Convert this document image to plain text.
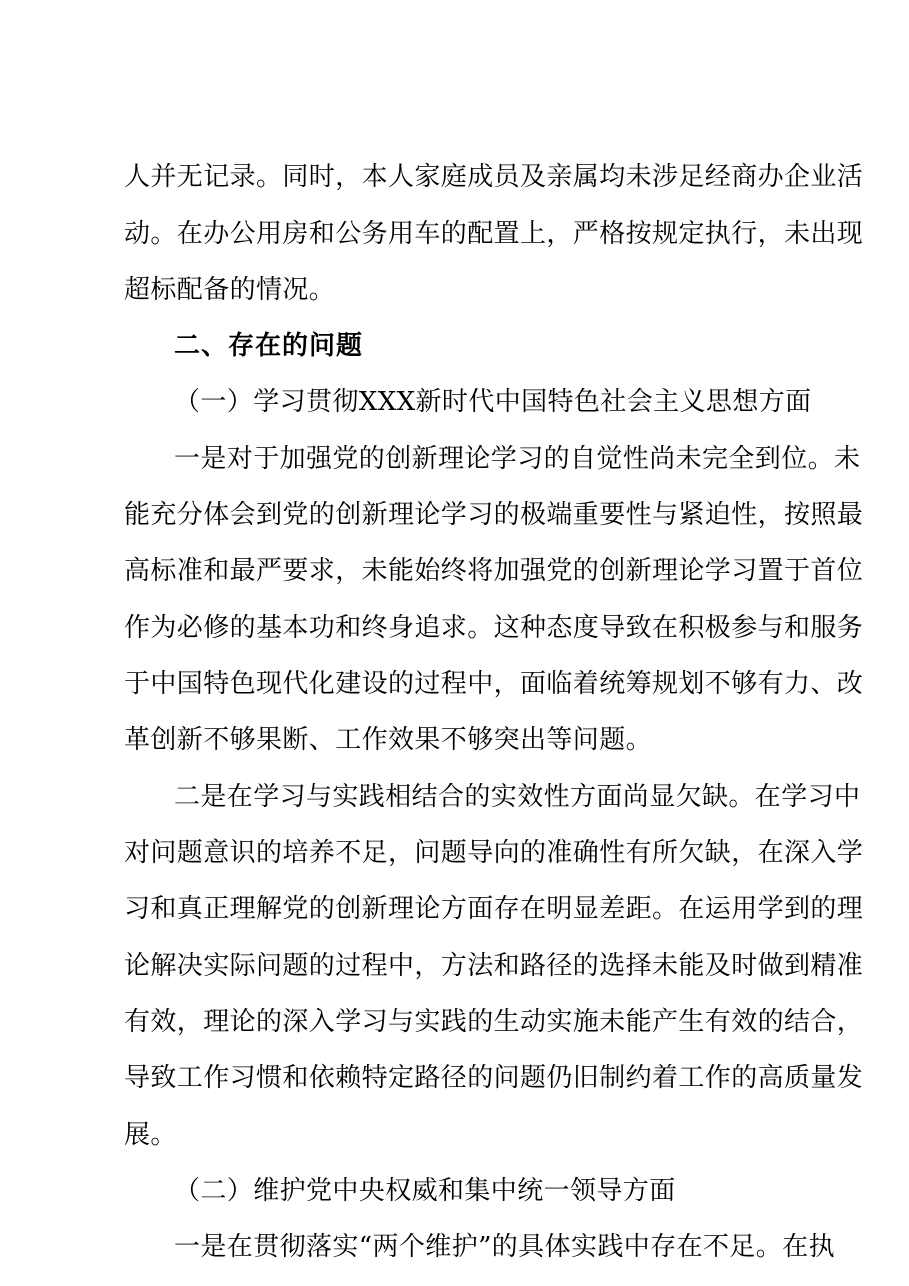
人并无记录。同时，本人家庭成员及亲属均未涉足经商办企业活
动。在办公用房和公务用车的配置上，严格按规定执行，未出现
超标配备的情况。
二、存在的问题
（一）学习贯彻XXX新时代中国特色社会主义思想方面
一是对于加强党的创新理论学习的自觉性尚未完全到位。未
能充分体会到党的创新理论学习的极端重要性与紧迫性，按照最
高标准和最严要求，未能始终将加强党的创新理论学习置于首位
作为必修的基本功和终身追求。这种态度导致在积极参与和服务
于中国特色现代化建设的过程中，面临着统筹规划不够有力、改
革创新不够果断、工作效果不够突出等问题。
二是在学习与实践相结合的实效性方面尚显欠缺。在学习中
对问题意识的培养不足，问题导向的准确性有所欠缺，在深入学
习和真正理解党的创新理论方面存在明显差距。在运用学到的理
论解决实际问题的过程中，方法和路径的选择未能及时做到精准
有效，理论的深入学习与实践的生动实施未能产生有效的结合，
导致工作习惯和依赖特定路径的问题仍旧制约着工作的高质量发
展。
（二）维护党中央权威和集中统一领导方面
一是在贯彻落实“两个维护”的具体实践中存在不足。在执
